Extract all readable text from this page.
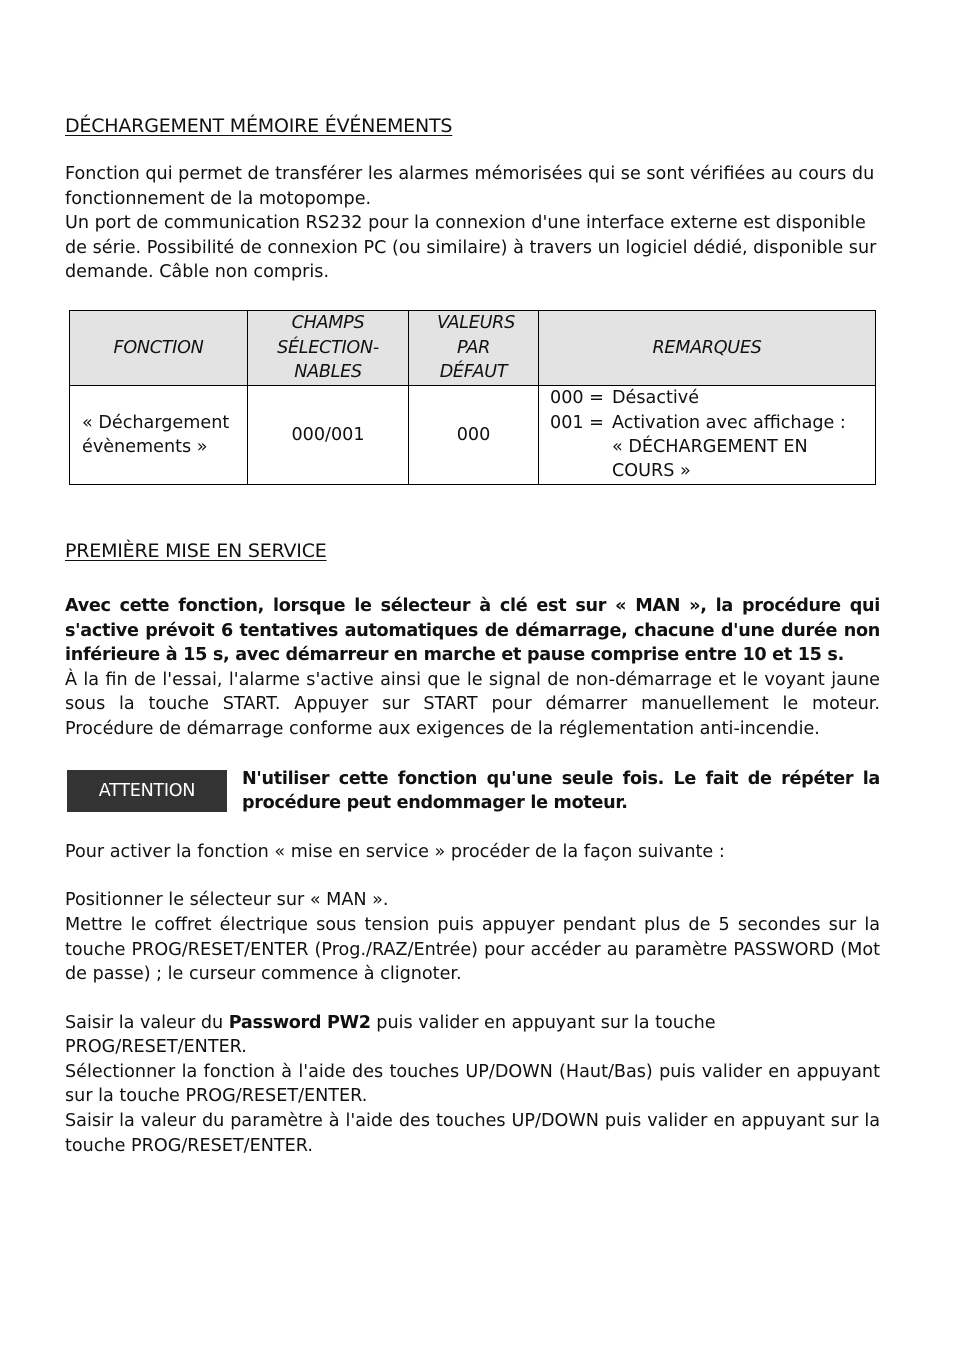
DÉCHARGEMENT MÉMOIRE ÉVÉNEMENTS

Fonction qui permet de transférer les alarmes mémorisées qui se sont vérifiées au cours du fonctionnement de la motopompe.

Un port de communication RS232 pour la connexion d'une interface externe est disponible de série. Possibilité de connexion PC (ou similaire) à travers un logiciel dédié, disponible sur demande. Câble non compris.

FONCTION	CHAMPS SÉLECTION-NABLES	VALEURS PAR DÉFAUT	REMARQUES
« Déchargement évènements »	000/001	000	000 = Désactivé
001 = Activation avec affichage : « DÉCHARGEMENT EN COURS »
PREMIÈRE MISE EN SERVICE

Avec cette fonction, lorsque le sélecteur à clé est sur « MAN », la procédure qui s'active prévoit 6 tentatives automatiques de démarrage, chacune d'une durée non inférieure à 15 s, avec démarreur en marche et pause comprise entre 10 et 15 s.

À la fin de l'essai, l'alarme s'active ainsi que le signal de non-démarrage et le voyant jaune sous la touche START. Appuyer sur START pour démarrer manuellement le moteur. Procédure de démarrage conforme aux exigences de la réglementation anti-incendie.

ATTENTION

N'utiliser cette fonction qu'une seule fois. Le fait de répéter la procédure peut endommager le moteur.

Pour activer la fonction « mise en service » procéder de la façon suivante :

Positionner le sélecteur sur « MAN ».

Mettre le coffret électrique sous tension puis appuyer pendant plus de 5 secondes sur la touche PROG/RESET/ENTER (Prog./RAZ/Entrée) pour accéder au paramètre PASSWORD (Mot de passe) ; le curseur commence à clignoter.

Saisir la valeur du Password PW2 puis valider en appuyant sur la touche PROG/RESET/ENTER.

Sélectionner la fonction à l'aide des touches UP/DOWN (Haut/Bas) puis valider en appuyant sur la touche PROG/RESET/ENTER.

Saisir la valeur du paramètre à l'aide des touches UP/DOWN puis valider en appuyant sur la touche PROG/RESET/ENTER.
